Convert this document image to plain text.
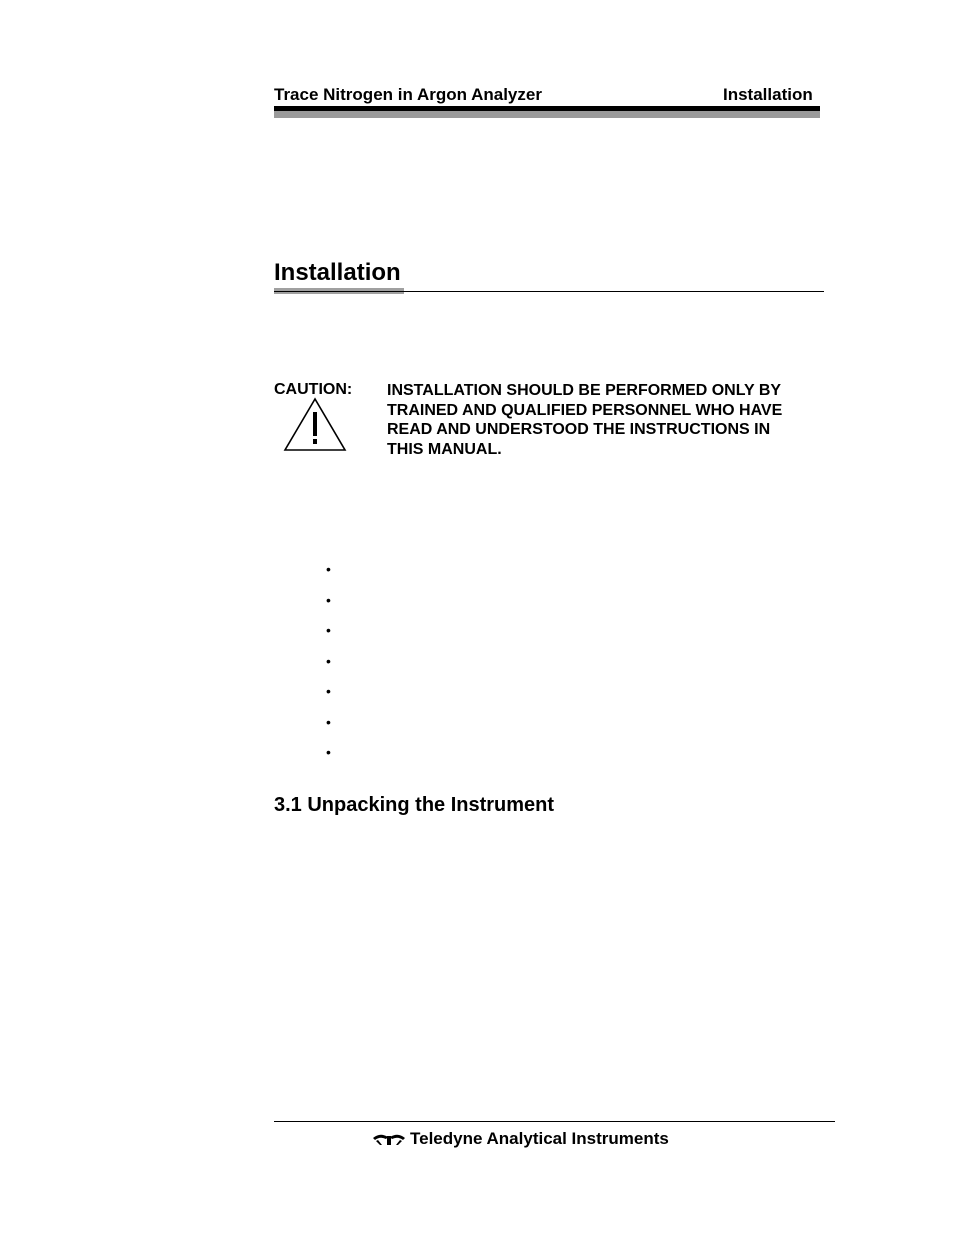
Trace Nitrogen in Argon Analyzer	Installation
Installation
CAUTION: INSTALLATION SHOULD BE PERFORMED ONLY BY
TRAINED AND QUALIFIED PERSONNEL WHO HAVE
READ AND UNDERSTOOD THE INSTRUCTIONS IN
THIS MANUAL.
•
•
•
•
•
•
•
3.1 Unpacking the Instrument
Teledyne Analytical Instruments
